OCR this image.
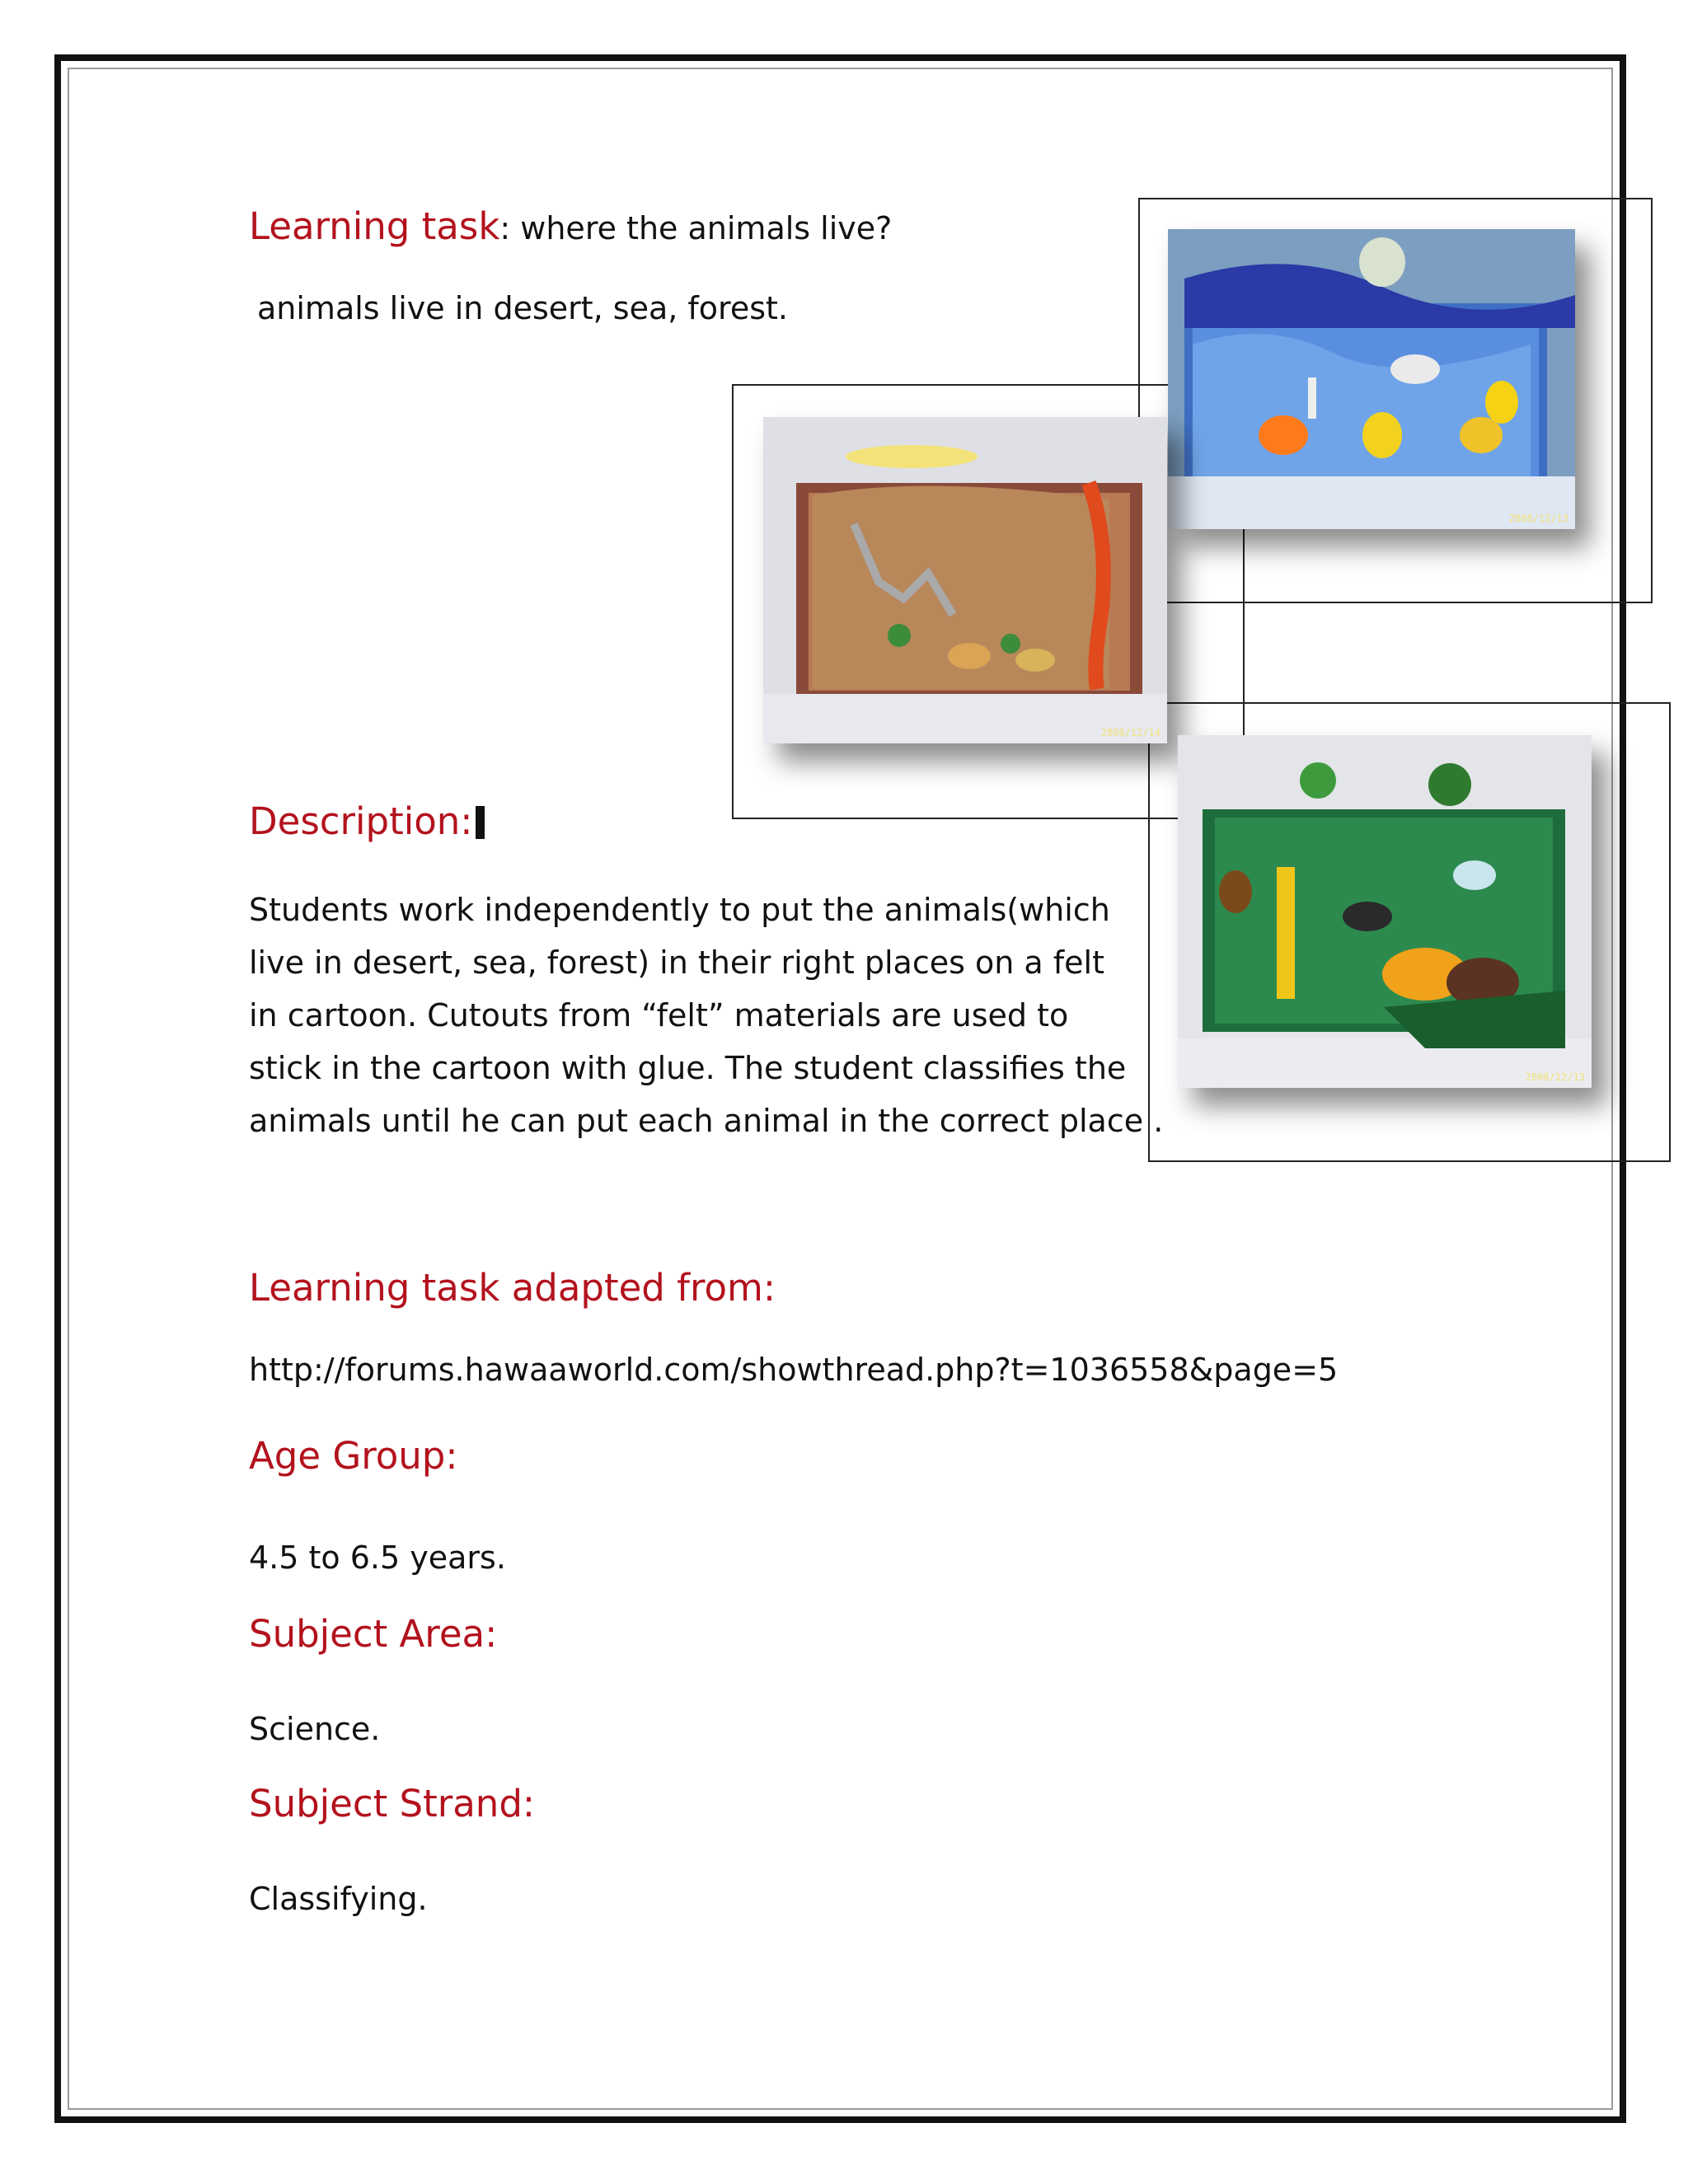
Learning task: where the animals live?
animals live in desert, sea, forest.
2008/12/13
2008/12/14
2008/12/13
Description:
Students work independently to put the animals(which
live in desert, sea, forest) in their right places on a felt
in cartoon. Cutouts from “felt” materials are used to
stick in the cartoon with glue. The student classifies the
animals until he can put each animal in the correct place .
Learning task adapted from:
http://forums.hawaaworld.com/showthread.php?t=1036558&page=5
Age Group:
4.5 to 6.5 years.
Subject Area:
Science.
Subject Strand:
Classifying.
